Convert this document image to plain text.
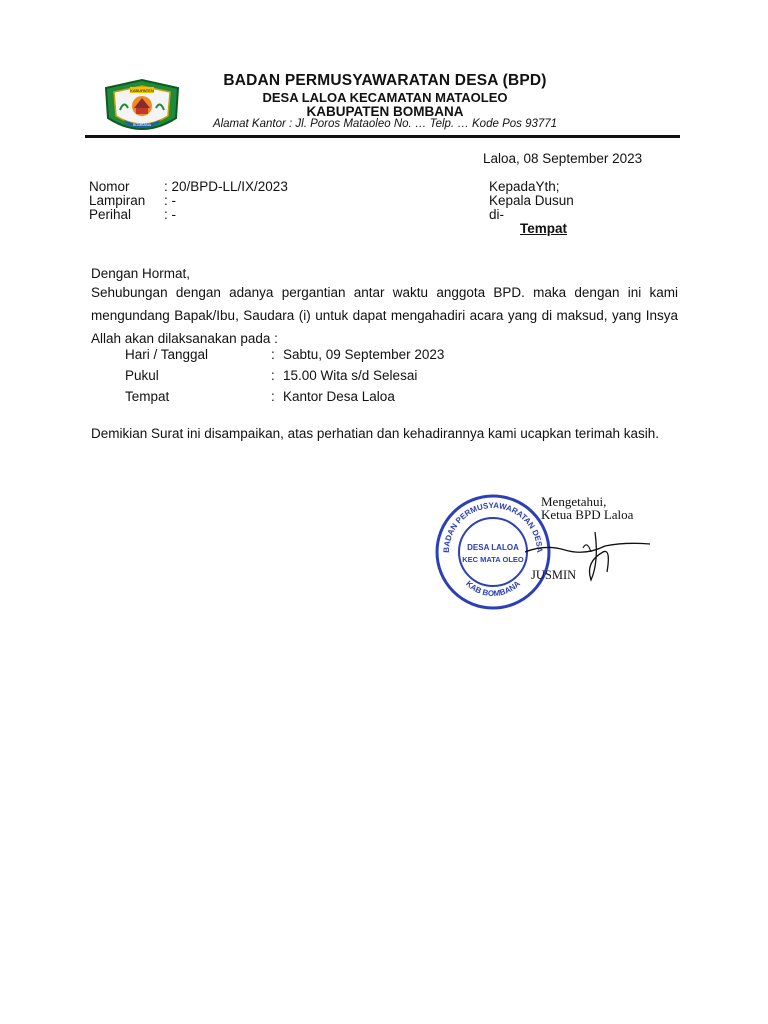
KABUPATEN
BOMBANA
BADAN PERMUSYAWARATAN DESA (BPD)
DESA LALOA KECAMATAN MATAOLEO
KABUPATEN BOMBANA
Alamat Kantor : Jl. Poros Mataoleo No. … Telp. … Kode Pos 93771
Laloa, 08 September 2023
Nomor	: 20/BPD-LL/IX/2023
Lampiran : -
Perihal : -
KepadaYth;
Kepala Dusun
di-
Tempat
Dengan Hormat,
Sehubungan dengan adanya pergantian antar waktu anggota BPD. maka dengan ini kami mengundang Bapak/Ibu, Saudara (i) untuk dapat mengahadiri acara yang di maksud, yang Insya Allah akan dilaksanakan pada :
Hari / Tanggal	: Sabtu, 09 September 2023
Pukul	: 15.00 Wita s/d Selesai
Tempat	: Kantor Desa Laloa
Demikian Surat ini disampaikan, atas perhatian dan kehadirannya kami ucapkan terimah kasih.
BADAN PERMUSYAWARATAN DESA
KAB BOMBANA
DESA LALOA
KEC MATA OLEO
Mengetahui,
Ketua BPD Laloa
JUSMIN
